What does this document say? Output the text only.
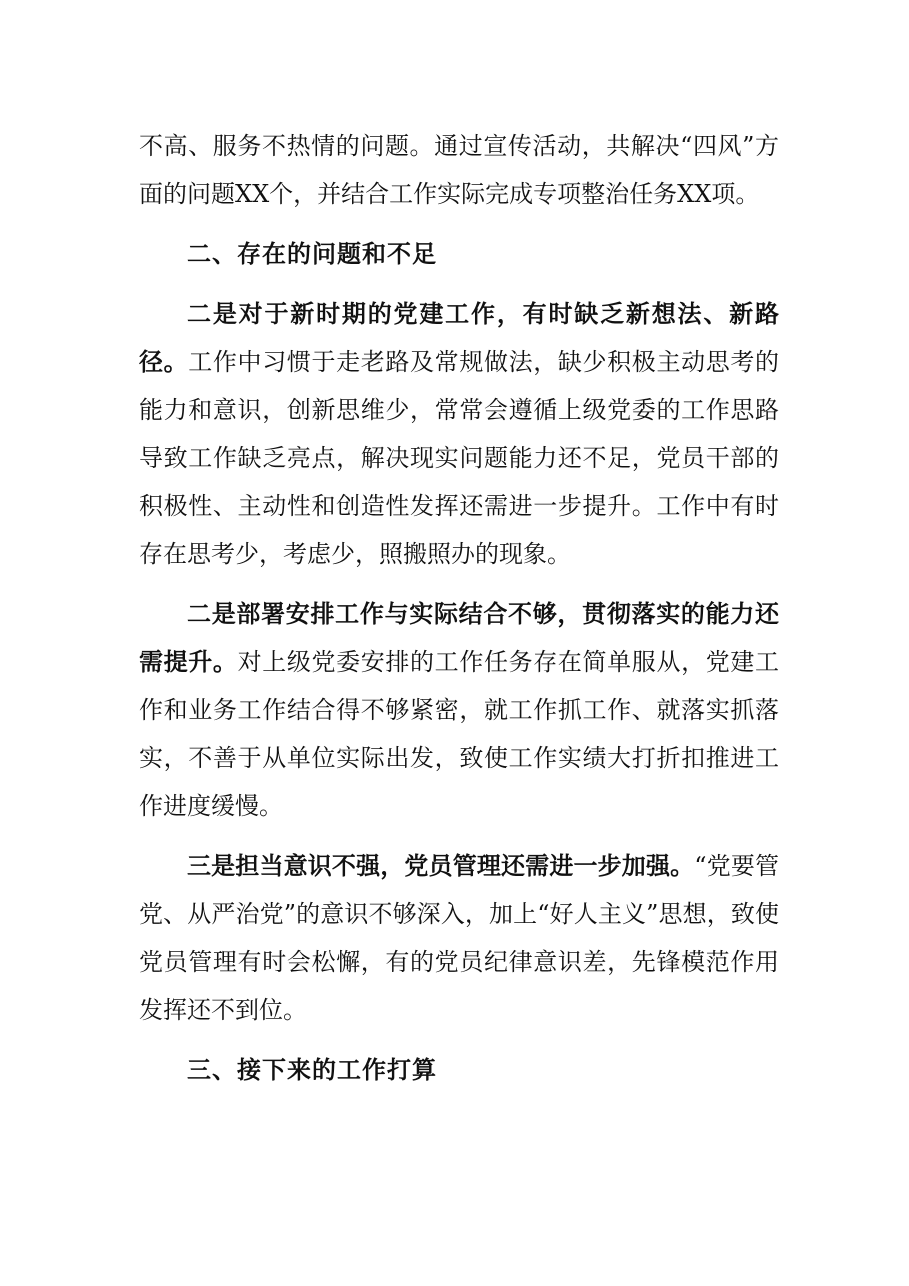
不高、服务不热情的问题。通过宣传活动，共解决“四风”方面的问题XX个，并结合工作实际完成专项整治任务XX项。

二、存在的问题和不足

二是对于新时期的党建工作，有时缺乏新想法、新路径。工作中习惯于走老路及常规做法，缺少积极主动思考的能力和意识，创新思维少，常常会遵循上级党委的工作思路导致工作缺乏亮点，解决现实问题能力还不足，党员干部的积极性、主动性和创造性发挥还需进一步提升。工作中有时存在思考少，考虑少，照搬照办的现象。

二是部署安排工作与实际结合不够，贯彻落实的能力还需提升。对上级党委安排的工作任务存在简单服从，党建工作和业务工作结合得不够紧密，就工作抓工作、就落实抓落实，不善于从单位实际出发，致使工作实绩大打折扣推进工作进度缓慢。

三是担当意识不强，党员管理还需进一步加强。“党要管党、从严治党”的意识不够深入，加上“好人主义”思想，致使党员管理有时会松懈，有的党员纪律意识差，先锋模范作用发挥还不到位。

三、接下来的工作打算
